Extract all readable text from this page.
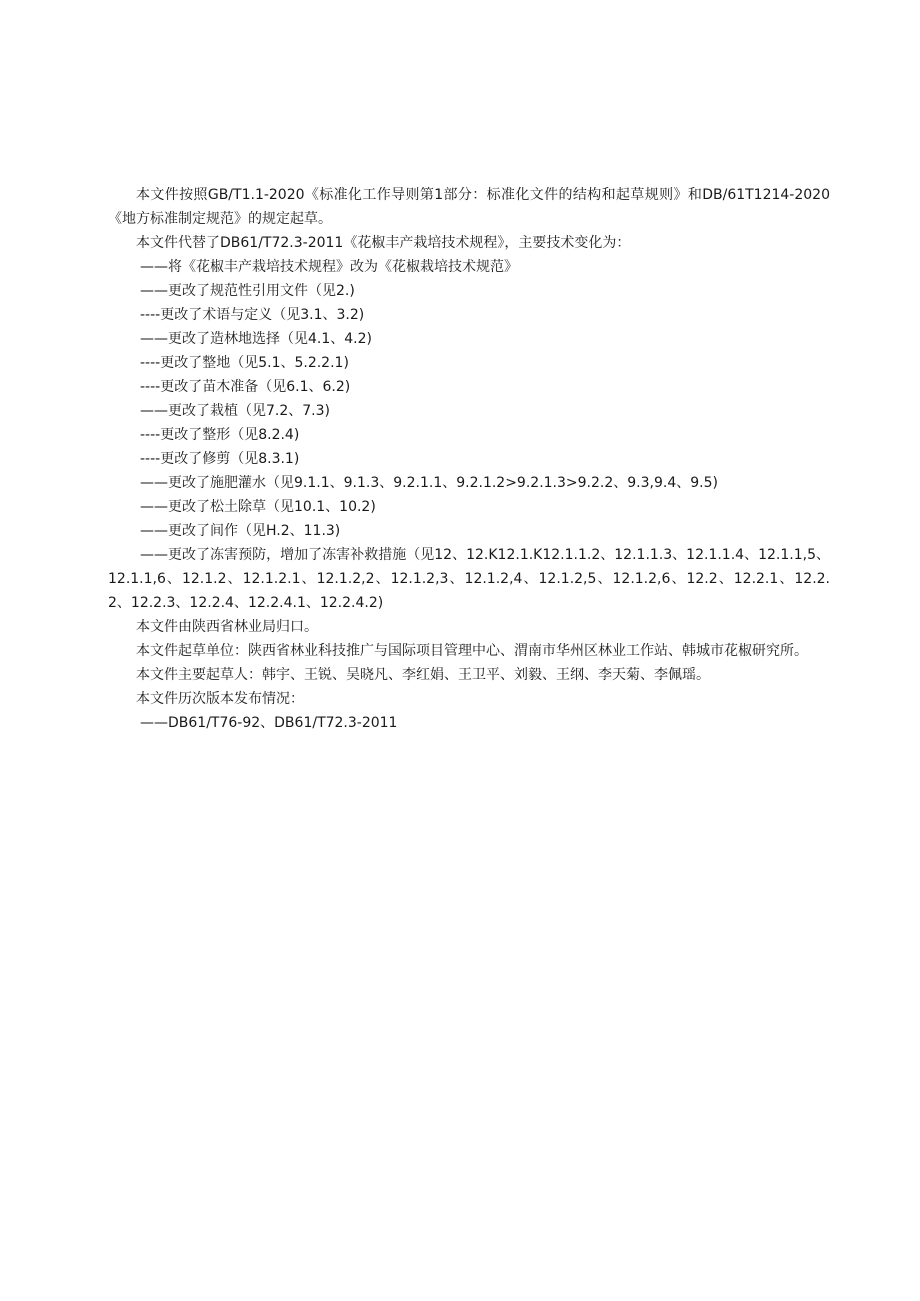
本文件按照GB/T1.1-2020《标准化工作导则第1部分：标准化文件的结构和起草规则》和DB/61T1214-2020《地方标准制定规范》的规定起草。

本文件代替了DB61/T72.3-2011《花椒丰产栽培技术规程》，主要技术变化为：

——将《花椒丰产栽培技术规程》改为《花椒栽培技术规范》

——更改了规范性引用文件（见2.)

----更改了术语与定义（见3.1、3.2)

——更改了造林地选择（见4.1、4.2)

----更改了整地（见5.1、5.2.2.1)

----更改了苗木准备（见6.1、6.2)

——更改了栽植（见7.2、7.3)

----更改了整形（见8.2.4)

----更改了修剪（见8.3.1)

——更改了施肥灌水（见9.1.1、9.1.3、9.2.1.1、9.2.1.2>9.2.1.3>9.2.2、9.3,9.4、9.5)

——更改了松土除草（见10.1、10.2)

——更改了间作（见H.2、11.3)

——更改了冻害预防，增加了冻害补救措施（见12、12.K12.1.K12.1.1.2、12.1.1.3、12.1.1.4、12.1.1,5、12.1.1,6、12.1.2、12.1.2.1、12.1.2,2、12.1.2,3、12.1.2,4、12.1.2,5、12.1.2,6、12.2、12.2.1、12.2.2、12.2.3、12.2.4、12.2.4.1、12.2.4.2)

本文件由陕西省林业局归口。

本文件起草单位：陕西省林业科技推广与国际项目管理中心、渭南市华州区林业工作站、韩城市花椒研究所。

本文件主要起草人：韩宇、王锐、吴晓凡、李红娟、王卫平、刘毅、王纲、李天菊、李佩瑶。

本文件历次版本发布情况：

——DB61/T76-92、DB61/T72.3-2011
